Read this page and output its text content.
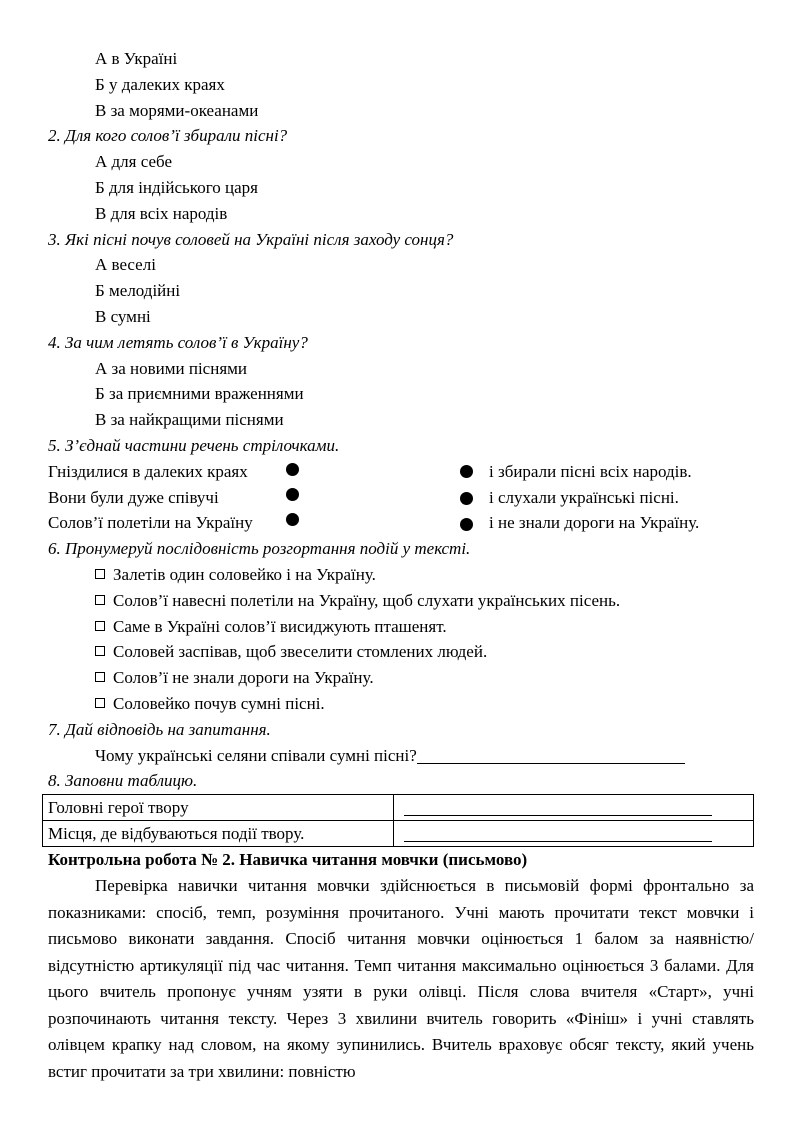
А в Україні
Б у далеких краях
В за морями-океанами
2. Для кого солов’ї збирали пісні?
А для себе
Б для індійського царя
В для всіх народів
3. Які пісні почув соловей на Україні після заходу сонця?
А веселі
Б мелодійні
В сумні
4. За чим летять солов’ї в Україну?
А за новими піснями
Б за приємними враженнями
В за найкращими піснями
5. З’єднай частини речень стрілочками.
Гніздилися в далеких краях	і збирали пісні всіх народів.
Вони були дуже співучі	і слухали українські пісні.
Солов’ї полетіли на Україну	і не знали дороги на Україну.
6. Пронумеруй послідовність розгортання подій у тексті.
Залетів один соловейко і на Україну.
Солов’ї навесні полетіли на Україну, щоб слухати українських пісень.
Саме в Україні солов’ї висиджують пташенят.
Соловей заспівав, щоб звеселити стомлених людей.
Солов’ї не знали дороги на Україну.
Соловейко почув сумні пісні.
7. Дай відповідь на запитання.
Чому українські селяни співали сумні пісні?
8. Заповни таблицю.
Головні герої твору	
Місця, де відбуваються події твору.	
Контрольна робота № 2. Навичка читання мовчки (письмово)
Перевірка навички читання мовчки здійснюється в письмовій формі фронтально за показниками: спосіб, темп, розуміння прочитаного. Учні мають прочитати текст мовчки і письмово виконати завдання. Спосіб читання мовчки оцінюється 1 балом за наявністю/відсутністю артикуляції під час читання. Темп читання максимально оцінюється 3 балами. Для цього вчитель пропонує учням узяти в руки олівці. Після слова вчителя «Старт», учні розпочинають читання тексту. Через 3 хвилини вчитель говорить «Фініш» і учні ставлять олівцем крапку над словом, на якому зупинились. Вчитель враховує обсяг тексту, який учень встиг прочитати за три хвилини: повністю
